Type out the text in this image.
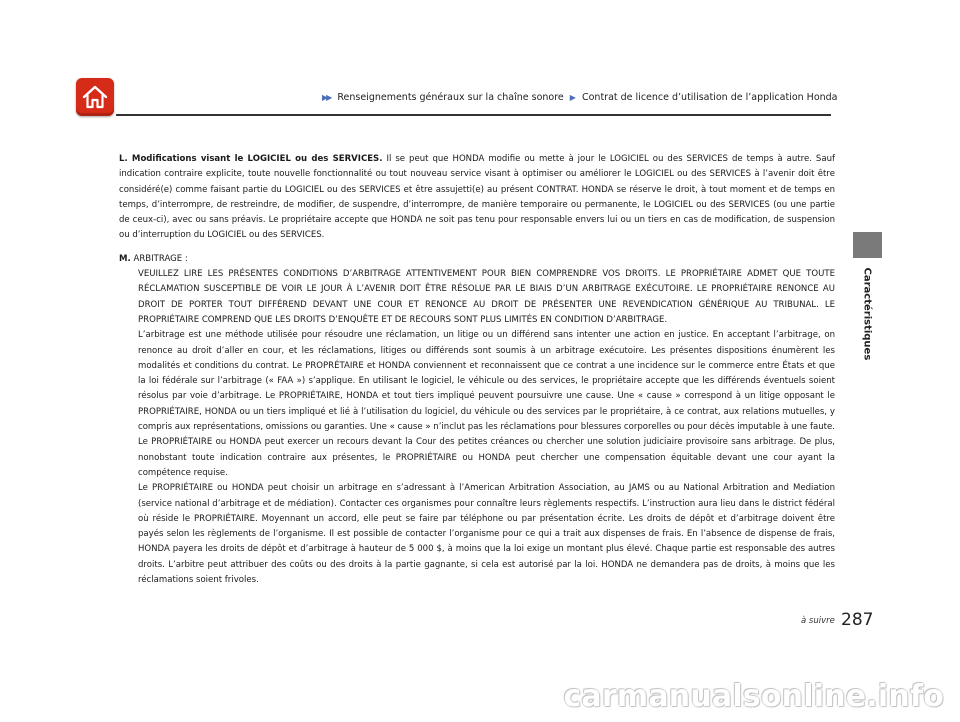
▶▶ Renseignements généraux sur la chaîne sonore ▶ Contrat de licence d’utilisation de l’application Honda
Caractéristiques

L. Modifications visant le LOGICIEL ou des SERVICES. Il se peut que HONDA modifie ou mette à jour le LOGICIEL ou des SERVICES de temps à autre. Sauf indication contraire explicite, toute nouvelle fonctionnalité ou tout nouveau service visant à optimiser ou améliorer le LOGICIEL ou des SERVICES à l’avenir doit être considéré(e) comme faisant partie du LOGICIEL ou des SERVICES et être assujetti(e) au présent CONTRAT. HONDA se réserve le droit, à tout moment et de temps en temps, d’interrompre, de restreindre, de modifier, de suspendre, d’interrompre, de manière temporaire ou permanente, le LOGICIEL ou des SERVICES (ou une partie de ceux-ci), avec ou sans préavis. Le propriétaire accepte que HONDA ne soit pas tenu pour responsable envers lui ou un tiers en cas de modification, de suspension ou d’interruption du LOGICIEL ou des SERVICES.

M. ARBITRAGE :

VEUILLEZ LIRE LES PRÉSENTES CONDITIONS D’ARBITRAGE ATTENTIVEMENT POUR BIEN COMPRENDRE VOS DROITS. LE PROPRIÉTAIRE ADMET QUE TOUTE RÉCLAMATION SUSCEPTIBLE DE VOIR LE JOUR À L’AVENIR DOIT ÊTRE RÉSOLUE PAR LE BIAIS D’UN ARBITRAGE EXÉCUTOIRE. LE PROPRIÉTAIRE RENONCE AU DROIT DE PORTER TOUT DIFFÉREND DEVANT UNE COUR ET RENONCE AU DROIT DE PRÉSENTER UNE REVENDICATION GÉNÉRIQUE AU TRIBUNAL. LE PROPRIÉTAIRE COMPREND QUE LES DROITS D’ENQUÊTE ET DE RECOURS SONT PLUS LIMITÉS EN CONDITION D’ARBITRAGE.

L’arbitrage est une méthode utilisée pour résoudre une réclamation, un litige ou un différend sans intenter une action en justice. En acceptant l’arbitrage, on renonce au droit d’aller en cour, et les réclamations, litiges ou différends sont soumis à un arbitrage exécutoire. Les présentes dispositions énumèrent les modalités et conditions du contrat. Le PROPRÉTAIRE et HONDA conviennent et reconnaissent que ce contrat a une incidence sur le commerce entre États et que la loi fédérale sur l’arbitrage (« FAA ») s’applique. En utilisant le logiciel, le véhicule ou des services, le propriétaire accepte que les différends éventuels soient résolus par voie d’arbitrage. Le PROPRIÉTAIRE, HONDA et tout tiers impliqué peuvent poursuivre une cause. Une « cause » correspond à un litige opposant le PROPRIÉTAIRE, HONDA ou un tiers impliqué et lié à l’utilisation du logiciel, du véhicule ou des services par le propriétaire, à ce contrat, aux relations mutuelles, y compris aux représentations, omissions ou garanties. Une « cause » n’inclut pas les réclamations pour blessures corporelles ou pour décès imputable à une faute. Le PROPRIÉTAIRE ou HONDA peut exercer un recours devant la Cour des petites créances ou chercher une solution judiciaire provisoire sans arbitrage. De plus, nonobstant toute indication contraire aux présentes, le PROPRIÉTAIRE ou HONDA peut chercher une compensation équitable devant une cour ayant la compétence requise.

Le PROPRIÉTAIRE ou HONDA peut choisir un arbitrage en s’adressant à l’American Arbitration Association, au JAMS ou au National Arbitration and Mediation (service national d’arbitrage et de médiation). Contacter ces organismes pour connaître leurs règlements respectifs. L’instruction aura lieu dans le district fédéral où réside le PROPRIÉTAIRE. Moyennant un accord, elle peut se faire par téléphone ou par présentation écrite. Les droits de dépôt et d’arbitrage doivent être payés selon les règlements de l’organisme. Il est possible de contacter l’organisme pour ce qui a trait aux dispenses de frais. En l’absence de dispense de frais, HONDA payera les droits de dépôt et d’arbitrage à hauteur de 5 000 $, à moins que la loi exige un montant plus élevé. Chaque partie est responsable des autres droits. L’arbitre peut attribuer des coûts ou des droits à la partie gagnante, si cela est autorisé par la loi. HONDA ne demandera pas de droits, à moins que les réclamations soient frivoles.

à suivre 287
carmanualsonline.info
